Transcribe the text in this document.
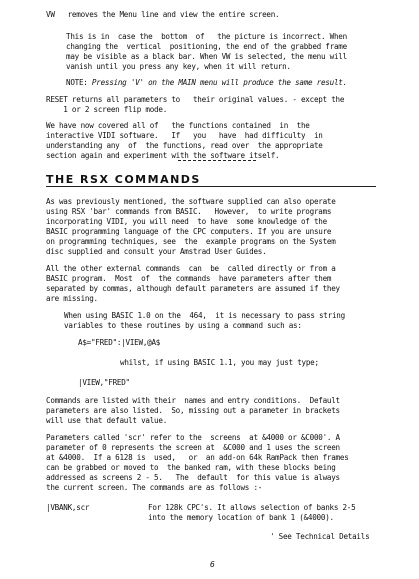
VW   removes the Menu line and view the entire screen.
This is in  case the  bottom  of   the picture is incorrect. When
changing the  vertical  positioning, the end of the grabbed frame
may be visible as a black bar. When VW is selected, the menu will
vanish until you press any key, when it will return.
NOTE: Pressing 'V' on the MAIN menu will produce the same result.
RESET returns all parameters to   their original values. - except the
1 or 2 screen flip mode.
We have now covered all of   the functions contained  in  the
interactive VIDI software.   If   you   have  had difficulty  in
understanding any  of  the functions, read over  the appropriate
section again and experiment with the software itself.
THE RSX COMMANDS
As was previously mentioned, the software supplied can also operate
using RSX 'bar' commands from BASIC.   However,  to write programs
incorporating VIDI, you will need  to have  some knowledge of the
BASIC programming language of the CPC computers. If you are unsure
on programming techniques, see  the  example programs on the System
disc supplied and consult your Amstrad User Guides.
All the other external commands  can  be  called directly or from a
BASIC program.  Most  of  the commands  have parameters after them
separated by commas, although default parameters are assumed if they
are missing.
When using BASIC 1.0 on the  464,  it is necessary to pass string
variables to these routines by using a command such as:
A$="FRED":|VIEW,@A$
whilst, if using BASIC 1.1, you may just type;
|VIEW,"FRED"
Commands are listed with their  names and entry conditions.  Default
parameters are also listed.  So, missing out a parameter in brackets
will use that default value.
Parameters called 'scr' refer to the  screens  at &4000 or &C000'. A
parameter of 0 represents the screen at  &C000 and 1 uses the screen
at &4000.  If a 6128 is  used,   or  an add-on 64k RamPack then frames
can be grabbed or moved to  the banked ram, with these blocks being
addressed as screens 2 - 5.   The  default  for this value is always
the current screen. The commands are as follows :-
|VBANK,scr	For 128k CPC's. It allows selection of banks 2-5
into the memory location of bank 1 (&4000).
' See Technical Details
6
